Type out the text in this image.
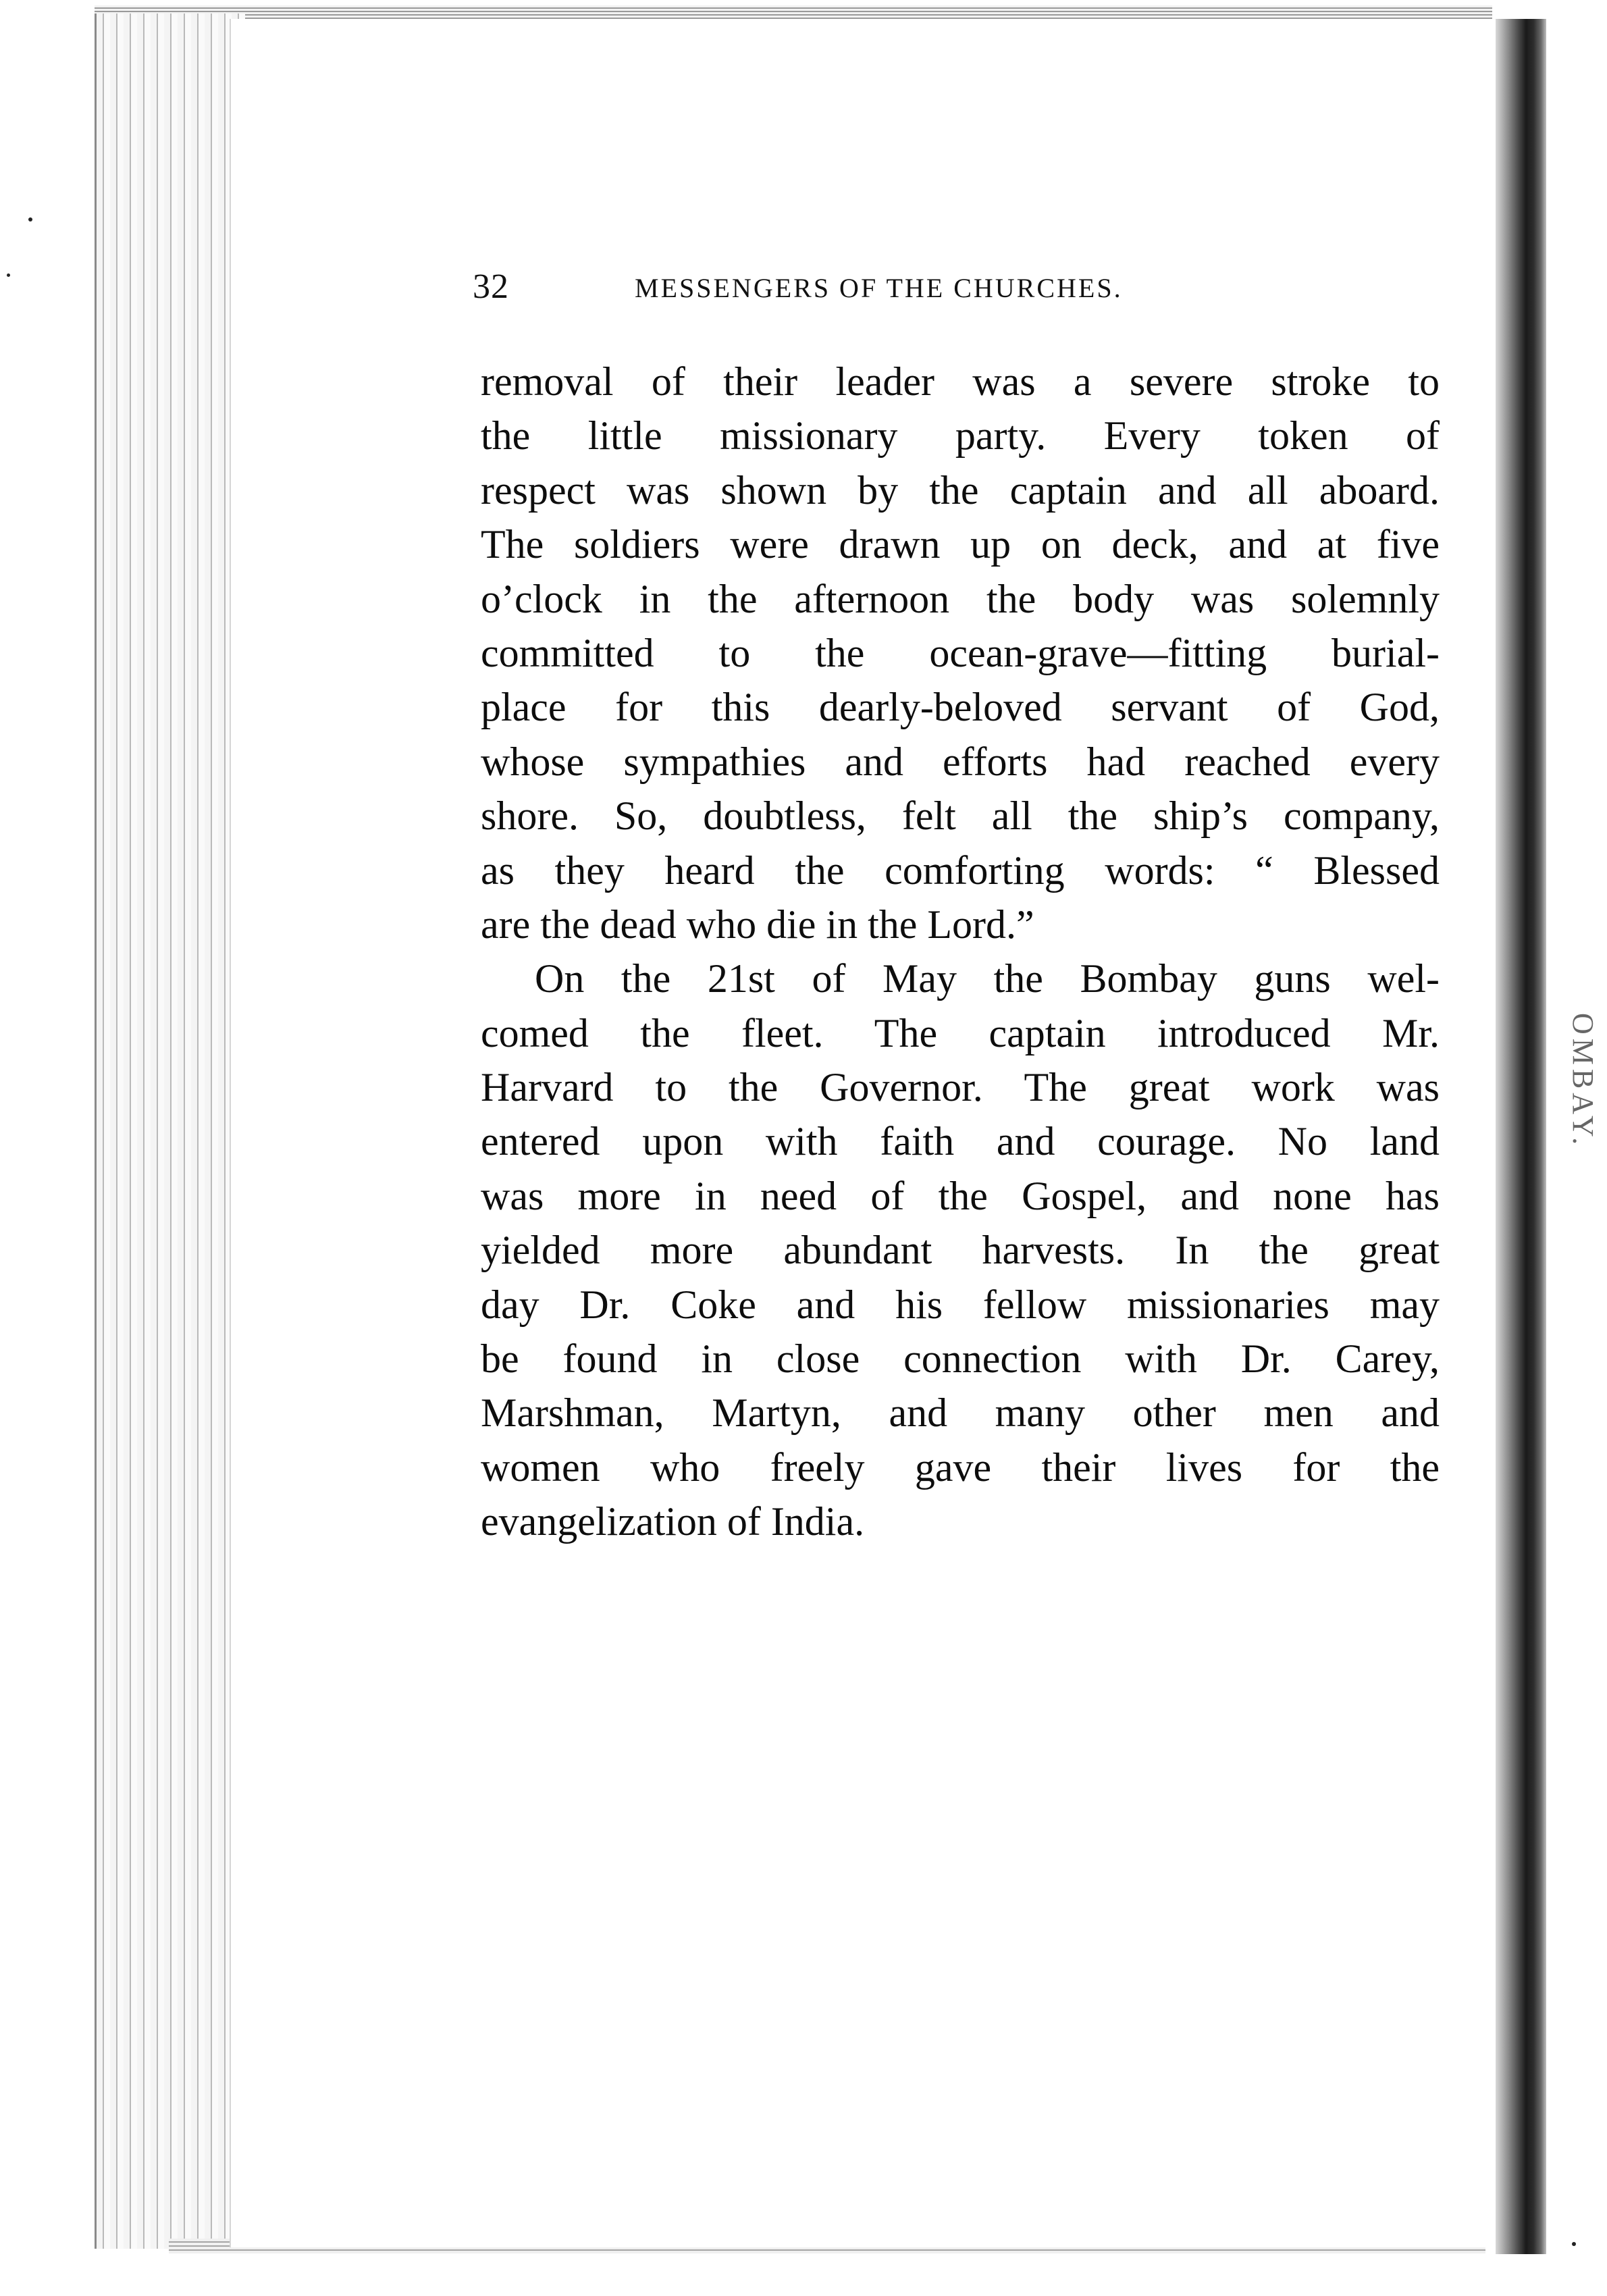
OMBAY.
32	MESSENGERS OF THE CHURCHES.
removal of their leader was a severe stroke to
the little missionary party. Every token of
respect was shown by the captain and all aboard.
The soldiers were drawn up on deck, and at five
o’clock in the afternoon the body was solemnly
committed to the ocean-grave—fitting burial-
place for this dearly-beloved servant of God,
whose sympathies and efforts had reached every
shore. So, doubtless, felt all the ship’s company,
as they heard the comforting words: “ Blessed
are the dead who die in the Lord.”
On the 21st of May the Bombay guns wel-
comed the fleet. The captain introduced Mr.
Harvard to the Governor. The great work was
entered upon with faith and courage. No land
was more in need of the Gospel, and none has
yielded more abundant harvests. In the great
day Dr. Coke and his fellow missionaries may
be found in close connection with Dr. Carey,
Marshman, Martyn, and many other men and
women who freely gave their lives for the
evangelization of India.
